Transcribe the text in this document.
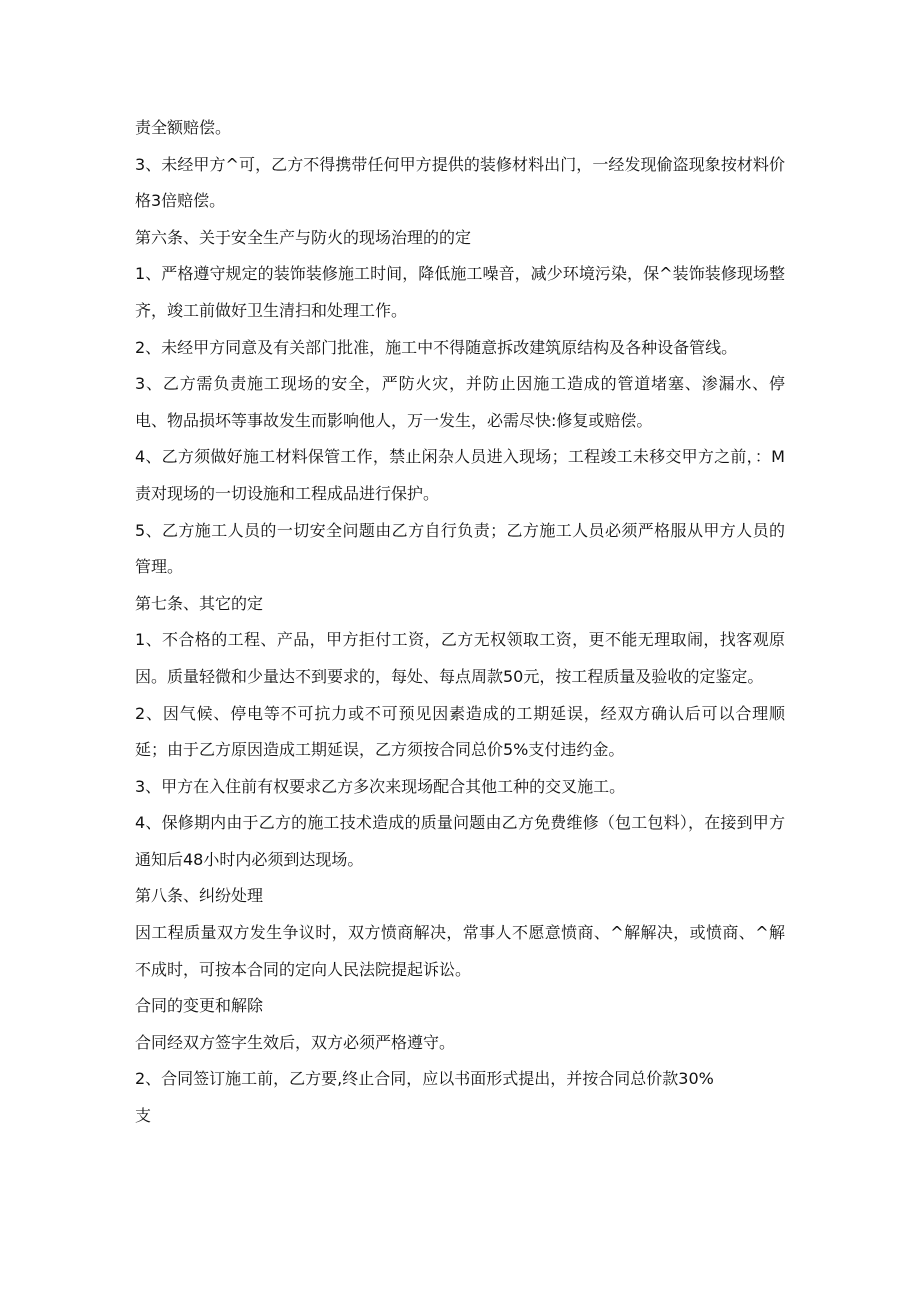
责全额赔偿。

3、未经甲方^可，乙方不得携带任何甲方提供的装修材料出门，一经发现偷盗现象按材料价格3倍赔偿。

第六条、关于安全生产与防火的现场治理的的定

1、严格遵守规定的装饰装修施工时间，降低施工噪音，减少环境污染，保^装饰装修现场整齐，竣工前做好卫生清扫和处理工作。

2、未经甲方同意及有关部门批准，施工中不得随意拆改建筑原结构及各种设备管线。

3、乙方需负责施工现场的安全，严防火灾，并防止因施工造成的管道堵塞、渗漏水、停电、物品损坏等事故发生而影响他人，万一发生，必需尽快:修复或赔偿。

4、乙方须做好施工材料保管工作，禁止闲杂人员进入现场；工程竣工未移交甲方之前，：M责对现场的一切设施和工程成品进行保护。

5、乙方施工人员的一切安全问题由乙方自行负责；乙方施工人员必须严格服从甲方人员的管理。

第七条、其它的定

1、不合格的工程、产品，甲方拒付工资，乙方无权领取工资，更不能无理取闹，找客观原因。质量轻微和少量达不到要求的，每处、每点周款50元，按工程质量及验收的定鉴定。

2、因气候、停电等不可抗力或不可预见因素造成的工期延误，经双方确认后可以合理顺延；由于乙方原因造成工期延误，乙方须按合同总价5%支付违约金。

3、甲方在入住前有权要求乙方多次来现场配合其他工种的交叉施工。

4、保修期内由于乙方的施工技术造成的质量问题由乙方免费维修（包工包料），在接到甲方通知后48小时内必须到达现场。

第八条、纠纷处理

因工程质量双方发生争议时，双方愤商解决，常事人不愿意愤商、^解解决，或愤商、^解不成时，可按本合同的定向人民法院提起诉讼。

合同的变更和解除

合同经双方签字生效后，双方必须严格遵守。

2、合同签订施工前，乙方要,终止合同，应以书面形式提出，并按合同总价款30%

支
